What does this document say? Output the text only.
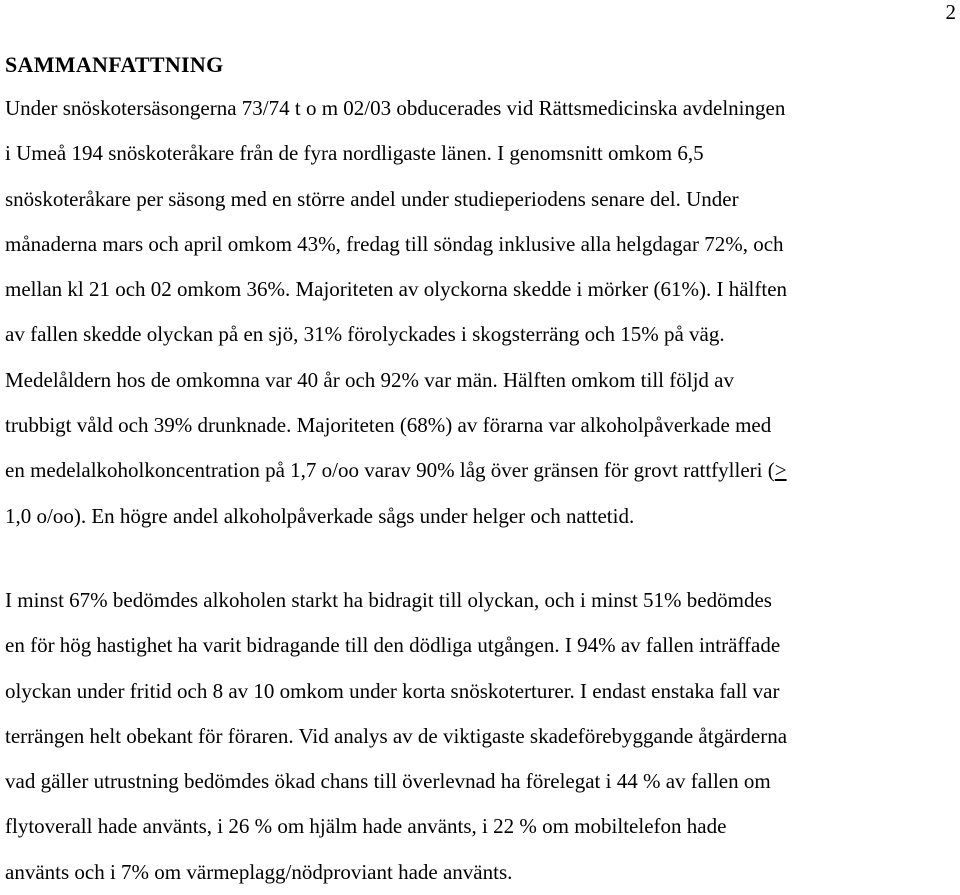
2
SAMMANFATTNING
Under snöskotersäsongerna 73/74 t o m 02/03 obducerades vid Rättsmedicinska avdelningen
i Umeå 194 snöskoteråkare från de fyra nordligaste länen. I genomsnitt omkom 6,5
snöskoteråkare per säsong med en större andel under studieperiodens senare del. Under
månaderna mars och april omkom 43%, fredag till söndag inklusive alla helgdagar 72%, och
mellan kl 21 och 02 omkom 36%. Majoriteten av olyckorna skedde i mörker (61%). I hälften
av fallen skedde olyckan på en sjö, 31% förolyckades i skogsterräng och 15% på väg.
Medelåldern hos de omkomna var 40 år och 92% var män. Hälften omkom till följd av
trubbigt våld och 39% drunknade. Majoriteten (68%) av förarna var alkoholpåverkade med
en medelalkoholkoncentration på 1,7 o/oo varav 90% låg över gränsen för grovt rattfylleri (>
1,0 o/oo). En högre andel alkoholpåverkade sågs under helger och nattetid.
I minst 67% bedömdes alkoholen starkt ha bidragit till olyckan, och i minst 51% bedömdes
en för hög hastighet ha varit bidragande till den dödliga utgången. I 94% av fallen inträffade
olyckan under fritid och 8 av 10 omkom under korta snöskoterturer. I endast enstaka fall var
terrängen helt obekant för föraren. Vid analys av de viktigaste skadeförebyggande åtgärderna
vad gäller utrustning bedömdes ökad chans till överlevnad ha förelegat i 44 % av fallen om
flytoverall hade använts, i 26 % om hjälm hade använts, i 22 % om mobiltelefon hade
använts och i 7% om värmeplagg/nödproviant hade använts.
